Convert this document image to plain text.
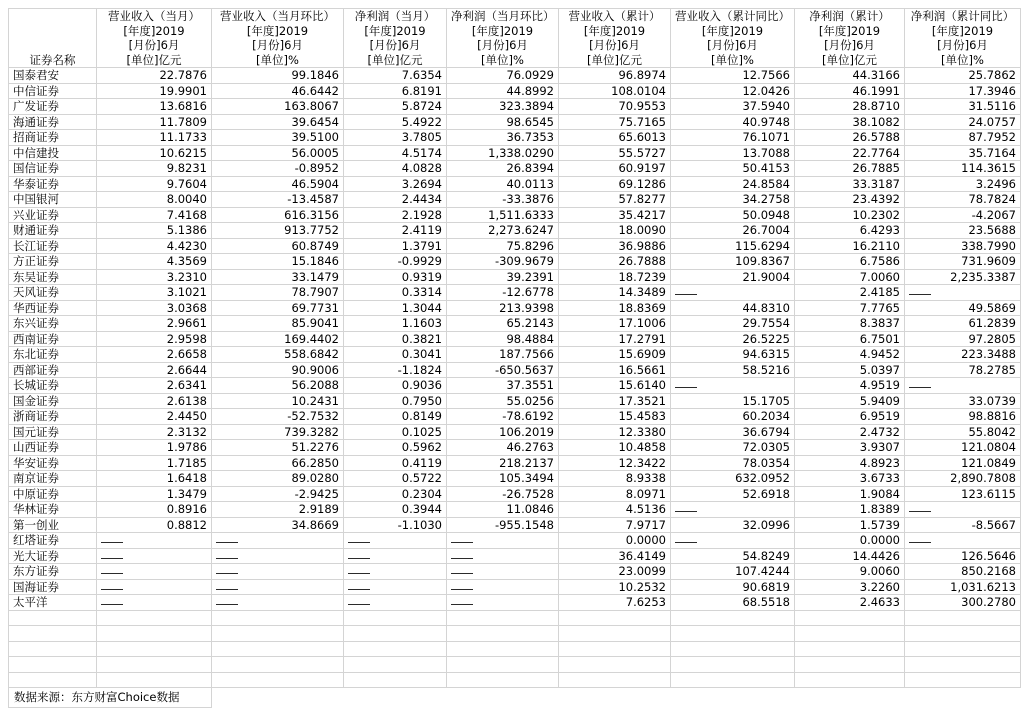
证券名称	营业收入（当月）
[年度]2019
[月份]6月
[单位]亿元	营业收入（当月环比）
[年度]2019
[月份]6月
[单位]%	净利润（当月）
[年度]2019
[月份]6月
[单位]亿元	净利润（当月环比）
[年度]2019
[月份]6月
[单位]%	营业收入（累计）
[年度]2019
[月份]6月
[单位]亿元	营业收入（累计同比）
[年度]2019
[月份]6月
[单位]%	净利润（累计）
[年度]2019
[月份]6月
[单位]亿元	净利润（累计同比）
[年度]2019
[月份]6月
[单位]%

国泰君安	22.7876	99.1846	7.6354	76.0929	96.8974	12.7566	44.3166	25.7862
中信证券	19.9901	46.6442	6.8191	44.8992	108.0104	12.0426	46.1991	17.3946
广发证券	13.6816	163.8067	5.8724	323.3894	70.9553	37.5940	28.8710	31.5116
海通证券	11.7809	39.6454	5.4922	98.6545	75.7165	40.9748	38.1082	24.0757
招商证券	11.1733	39.5100	3.7805	36.7353	65.6013	76.1071	26.5788	87.7952
中信建投	10.6215	56.0005	4.5174	1,338.0290	55.5727	13.7088	22.7764	35.7164
国信证券	9.8231	-0.8952	4.0828	26.8394	60.9197	50.4153	26.7885	114.3615
华泰证券	9.7604	46.5904	3.2694	40.0113	69.1286	24.8584	33.3187	3.2496
中国银河	8.0040	-13.4587	2.4434	-33.3876	57.8277	34.2758	23.4392	78.7824
兴业证券	7.4168	616.3156	2.1928	1,511.6333	35.4217	50.0948	10.2302	-4.2067
财通证券	5.1386	913.7752	2.4119	2,273.6247	18.0090	26.7004	6.4293	23.5688
长江证券	4.4230	60.8749	1.3791	75.8296	36.9886	115.6294	16.2110	338.7990
方正证券	4.3569	15.1846	-0.9929	-309.9679	26.7888	109.8367	6.7586	731.9609
东吴证券	3.2310	33.1479	0.9319	39.2391	18.7239	21.9004	7.0060	2,235.3387
天风证券	3.1021	78.7907	0.3314	-12.6778	14.3489		2.4185	
华西证券	3.0368	69.7731	1.3044	213.9398	18.8369	44.8310	7.7765	49.5869
东兴证券	2.9661	85.9041	1.1603	65.2143	17.1006	29.7554	8.3837	61.2839
西南证券	2.9598	169.4402	0.3821	98.4884	17.2791	26.5225	6.7501	97.2805
东北证券	2.6658	558.6842	0.3041	187.7566	15.6909	94.6315	4.9452	223.3488
西部证券	2.6644	90.9006	-1.1824	-650.5637	16.5661	58.5216	5.0397	78.2785
长城证券	2.6341	56.2088	0.9036	37.3551	15.6140		4.9519	
国金证券	2.6138	10.2431	0.7950	55.0256	17.3521	15.1705	5.9409	33.0739
浙商证券	2.4450	-52.7532	0.8149	-78.6192	15.4583	60.2034	6.9519	98.8816
国元证券	2.3132	739.3282	0.1025	106.2019	12.3380	36.6794	2.4732	55.8042
山西证券	1.9786	51.2276	0.5962	46.2763	10.4858	72.0305	3.9307	121.0804
华安证券	1.7185	66.2850	0.4119	218.2137	12.3422	78.0354	4.8923	121.0849
南京证券	1.6418	89.0280	0.5722	105.3494	8.9338	632.0952	3.6733	2,890.7808
中原证券	1.3479	-2.9425	0.2304	-26.7528	8.0971	52.6918	1.9084	123.6115
华林证券	0.8916	2.9189	0.3944	11.0846	4.5136		1.8389	
第一创业	0.8812	34.8669	-1.1030	-955.1548	7.9717	32.0996	1.5739	-8.5667
红塔证券					0.0000		0.0000	
光大证券					36.4149	54.8249	14.4426	126.5646
东方证券					23.0099	107.4244	9.0060	850.2168
国海证券					10.2532	90.6819	3.2260	1,031.6213
太平洋					7.6253	68.5518	2.4633	300.2780

数据来源：东方财富Choice数据								
